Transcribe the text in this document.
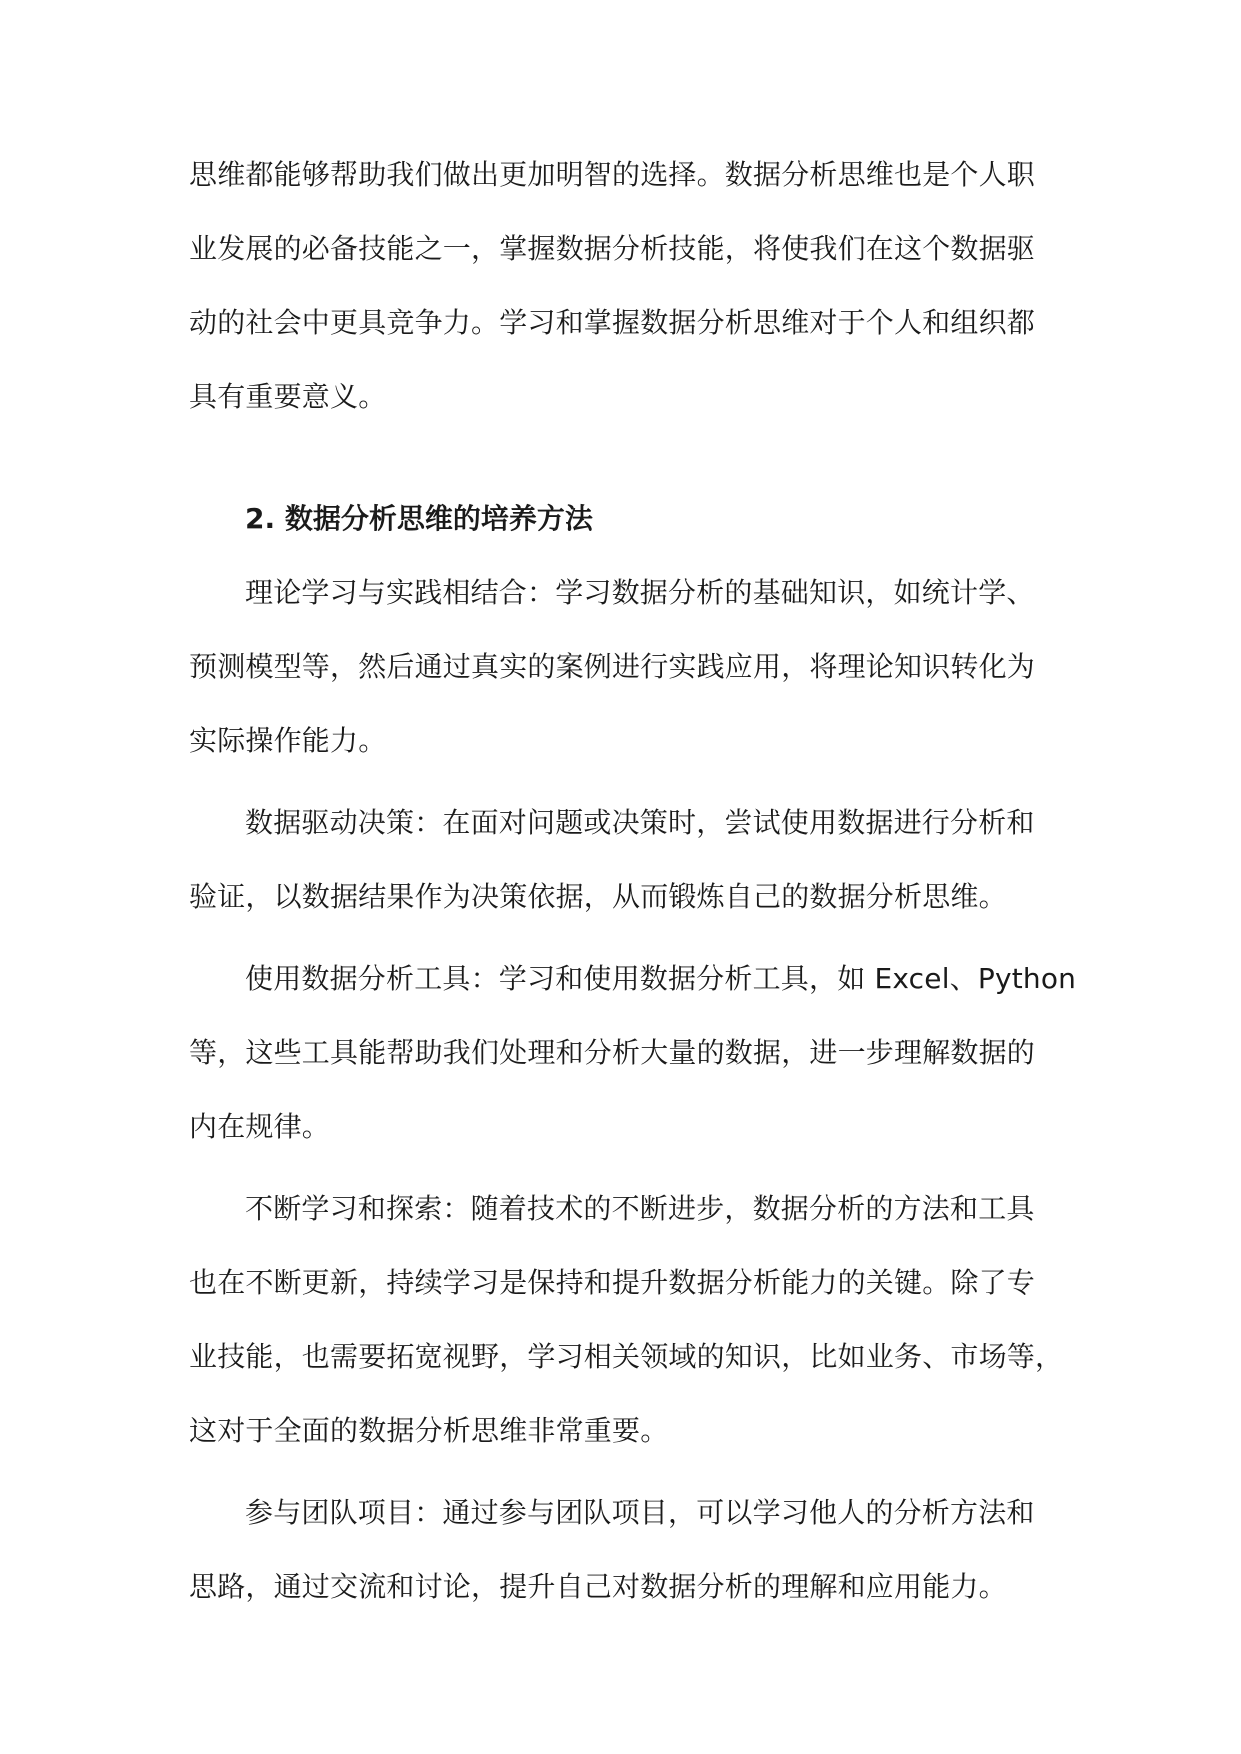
思维都能够帮助我们做出更加明智的选择。数据分析思维也是个人职
业发展的必备技能之一，掌握数据分析技能，将使我们在这个数据驱
动的社会中更具竞争力。学习和掌握数据分析思维对于个人和组织都
具有重要意义。
2. 数据分析思维的培养方法
理论学习与实践相结合：学习数据分析的基础知识，如统计学、
预测模型等，然后通过真实的案例进行实践应用，将理论知识转化为
实际操作能力。
数据驱动决策：在面对问题或决策时，尝试使用数据进行分析和
验证，以数据结果作为决策依据，从而锻炼自己的数据分析思维。
使用数据分析工具：学习和使用数据分析工具，如 Excel、Python
等，这些工具能帮助我们处理和分析大量的数据，进一步理解数据的
内在规律。
不断学习和探索：随着技术的不断进步，数据分析的方法和工具
也在不断更新，持续学习是保持和提升数据分析能力的关键。除了专
业技能，也需要拓宽视野，学习相关领域的知识，比如业务、市场等，
这对于全面的数据分析思维非常重要。
参与团队项目：通过参与团队项目，可以学习他人的分析方法和
思路，通过交流和讨论，提升自己对数据分析的理解和应用能力。
